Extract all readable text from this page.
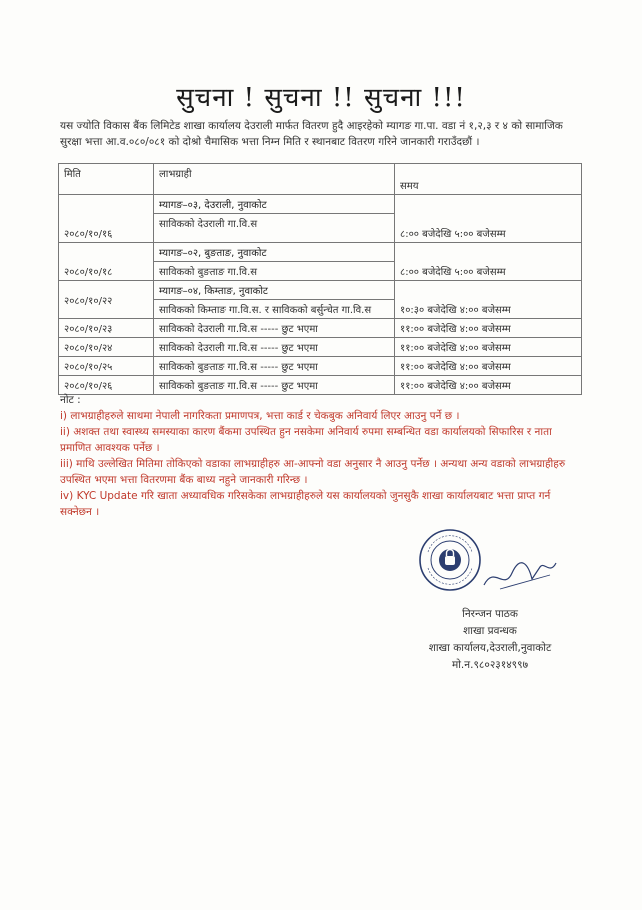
सुचना ! सुचना !! सुचना !!!
यस ज्योति विकास बैंक लिमिटेड शाखा कार्यालय देउराली मार्फत वितरण हुदै आइरहेको म्यागङ गा.पा. वडा नं १,२,३ र ४ को सामाजिक सुरक्षा भत्ता आ.व.०८०/०८१ को दोश्रो चैमासिक भत्ता निम्न मिति र स्थानबाट वितरण गरिने जानकारी गराउँदछौं ।
मिति	लाभग्राही	समय
२०८०/१०/१६	म्यागङ–०३, देउराली, नुवाकोट	८:०० बजेदेखि ५:०० बजेसम्म
	साविकको देउराली गा.वि.स	
२०८०/१०/१८	म्यागङ–०२, बुङताङ, नुवाकोट	८:०० बजेदेखि ५:०० बजेसम्म
	साविकको बुङताङ गा.वि.स	
२०८०/१०/२२	म्यागङ–०४, किम्ताङ, नुवाकोट	१०:३० बजेदेखि ४:०० बजेसम्म
	साविकको किम्ताङ गा.वि.स. र साविकको बर्सुन्चेत गा.वि.स	
२०८०/१०/२३	साविकको देउराली गा.वि.स ----- छुट भएमा	११:०० बजेदेखि ४:०० बजेसम्म
२०८०/१०/२४	साविकको देउराली गा.वि.स ----- छुट भएमा	११:०० बजेदेखि ४:०० बजेसम्म
२०८०/१०/२५	साविकको बुङताङ गा.वि.स ----- छुट भएमा	११:०० बजेदेखि ४:०० बजेसम्म
२०८०/१०/२६	साविकको बुङताङ गा.वि.स ----- छुट भएमा	११:०० बजेदेखि ४:०० बजेसम्म

नोट :

i) लाभग्राहीहरुले साथमा नेपाली नागरिकता प्रमाणपत्र, भत्ता कार्ड र चेकबुक अनिवार्य लिएर आउनु पर्ने छ ।

ii) अशक्त तथा स्वास्थ्य समस्याका कारण बैंकमा उपस्थित हुन नसकेमा अनिवार्य रुपमा सम्बन्धित वडा कार्यालयको सिफारिस र नाता प्रमाणित आवश्यक पर्नेछ ।

iii) माथि उल्लेखित मितिमा तोकिएको वडाका लाभग्राहीहरु आ-आफ्नो वडा अनुसार नै आउनु पर्नेछ । अन्यथा अन्य वडाको लाभग्राहीहरु उपस्थित भएमा भत्ता वितरणमा बैंक बाध्य नहुने जानकारी गरिन्छ ।

iv) KYC Update गरि खाता अध्यावधिक गरिसकेका लाभग्राहीहरुले यस कार्यालयको जुनसुकै शाखा कार्यालयबाट भत्ता प्राप्त गर्न सक्नेछन ।

निरन्जन पाठक
शाखा प्रवन्धक
शाखा कार्यालय,देउराली,नुवाकोट
मो.न.९८०२३१४९९७
